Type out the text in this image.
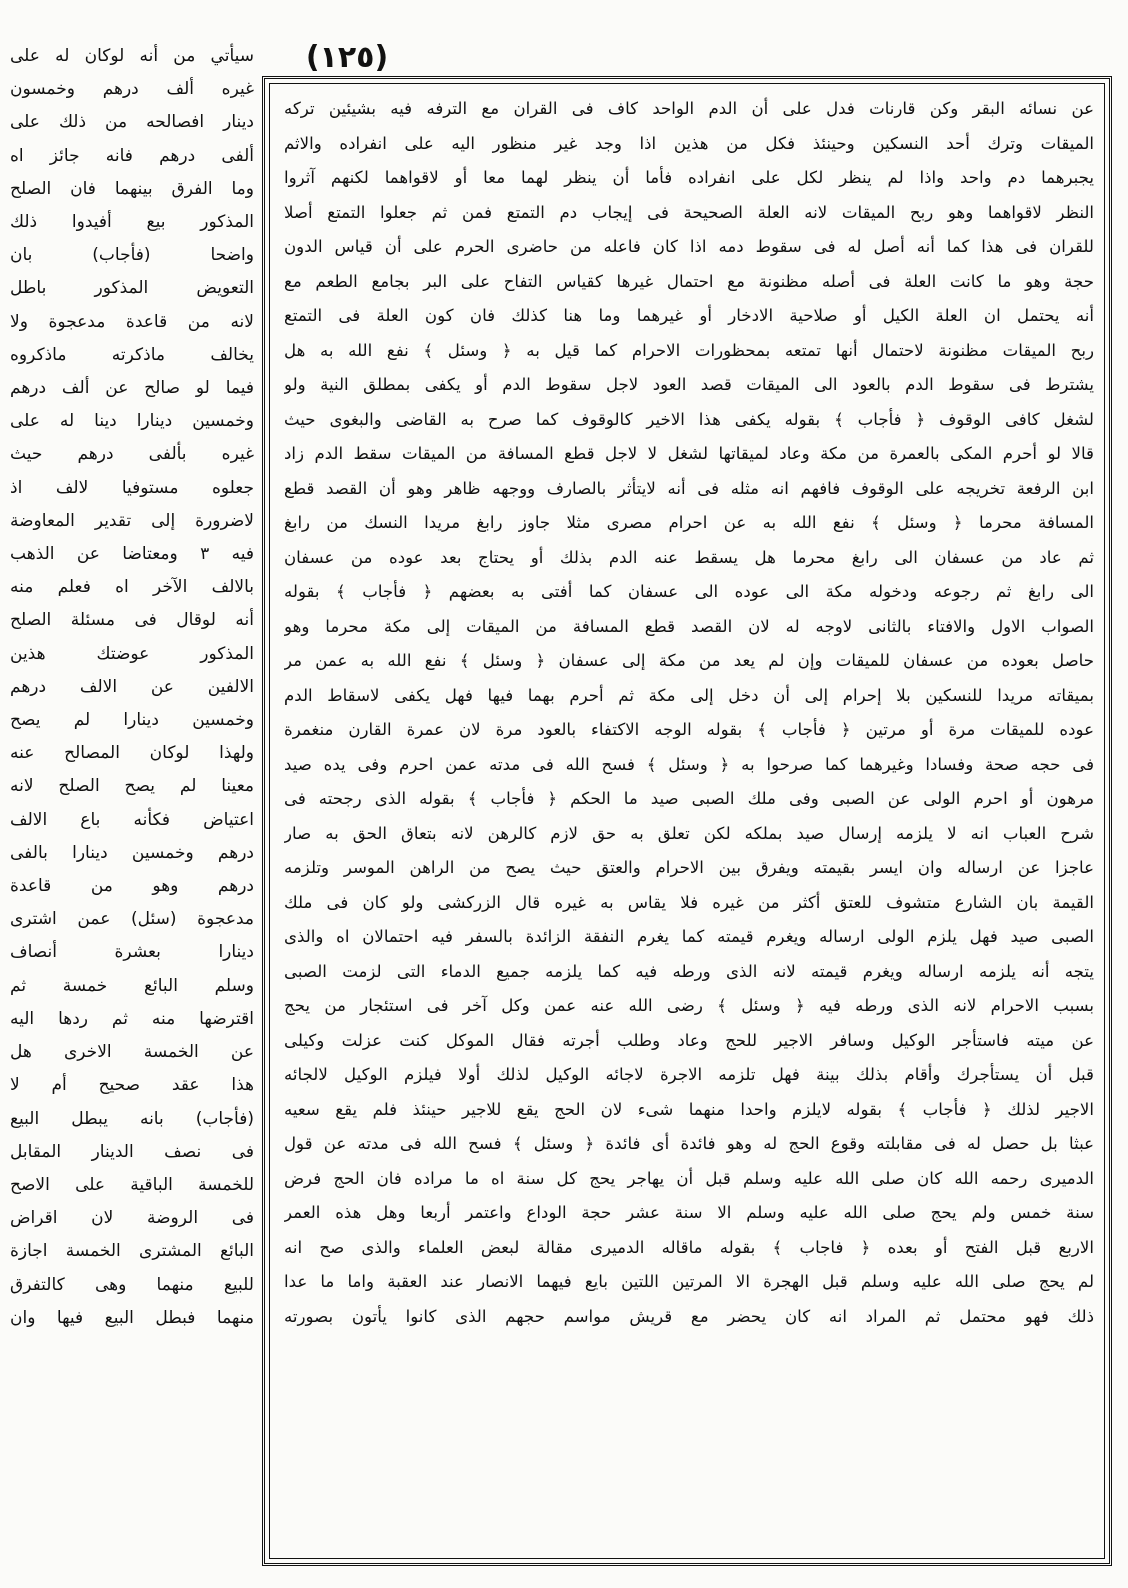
(١٢٥)
سيأتي من أنه لوكان له على
غيره ألف درهم وخمسون
دينار افصالحه من ذلك على
ألفى درهم فانه جائز اه
وما الفرق بينهما فان الصلح
المذكور بيع أفيدوا ذلك
واضحا (فأجاب) بان
التعويض المذكور باطل
لانه من قاعدة مدعجوة ولا
يخالف ماذكرته ماذكروه
فيما لو صالح عن ألف درهم
وخمسين دينارا دينا له على
غيره بألفى درهم حيث
جعلوه مستوفيا لالف اذ
لاضرورة إلى تقدير المعاوضة
فيه ٣ ومعتاضا عن الذهب
بالالف الآخر اه فعلم منه
أنه لوقال فى مسئلة الصلح
المذكور عوضتك هذين
الالفين عن الالف درهم
وخمسين دينارا لم يصح
ولهذا لوكان المصالح عنه
معينا لم يصح الصلح لانه
اعتياض فكأنه باع الالف
درهم وخمسين دينارا بالفى
درهم وهو من قاعدة
مدعجوة (سئل) عمن اشترى
دينارا بعشرة أنصاف
وسلم البائع خمسة ثم
اقترضها منه ثم ردها اليه
عن الخمسة الاخرى هل
هذا عقد صحيح أم لا
(فأجاب) بانه يبطل البيع
فى نصف الدينار المقابل
للخمسة الباقية على الاصح
فى الروضة لان اقراض
البائع المشترى الخمسة اجازة
للبيع منهما وهى كالتفرق
منهما فبطل البيع فيها وان
عن نسائه البقر وكن قارنات فدل على أن الدم الواحد كاف فى القران مع الترفه فيه بشيئين تركه
الميقات وترك أحد النسكين وحينئذ فكل من هذين اذا وجد غير منظور اليه على انفراده والاثم
يجبرهما دم واحد واذا لم ينظر لكل على انفراده فأما أن ينظر لهما معا أو لاقواهما لكنهم آثروا
النظر لاقواهما وهو ربح الميقات لانه العلة الصحيحة فى إيجاب دم التمتع فمن ثم جعلوا التمتع أصلا
للقران فى هذا كما أنه أصل له فى سقوط دمه اذا كان فاعله من حاضرى الحرم على أن قياس الدون
حجة وهو ما كانت العلة فى أصله مظنونة مع احتمال غيرها كقياس التفاح على البر بجامع الطعم مع
أنه يحتمل ان العلة الكيل أو صلاحية الادخار أو غيرهما وما هنا كذلك فان كون العلة فى التمتع
ربح الميقات مظنونة لاحتمال أنها تمتعه بمحظورات الاحرام كما قيل به ﴿ وسئل ﴾ نفع الله به هل
يشترط فى سقوط الدم بالعود الى الميقات قصد العود لاجل سقوط الدم أو يكفى بمطلق النية ولو
لشغل كافى الوقوف ﴿ فأجاب ﴾ بقوله يكفى هذا الاخير كالوقوف كما صرح به القاضى والبغوى حيث
قالا لو أحرم المكى بالعمرة من مكة وعاد لميقاتها لشغل لا لاجل قطع المسافة من الميقات سقط الدم زاد
ابن الرفعة تخريجه على الوقوف فافهم انه مثله فى أنه لايتأثر بالصارف ووجهه ظاهر وهو أن القصد قطع
المسافة محرما ﴿ وسئل ﴾ نفع الله به عن احرام مصرى مثلا جاوز رابغ مريدا النسك من رابغ
ثم عاد من عسفان الى رابغ محرما هل يسقط عنه الدم بذلك أو يحتاج بعد عوده من عسفان
الى رابغ ثم رجوعه ودخوله مكة الى عوده الى عسفان كما أفتى به بعضهم ﴿ فأجاب ﴾ بقوله
الصواب الاول والافتاء بالثانى لاوجه له لان القصد قطع المسافة من الميقات إلى مكة محرما وهو
حاصل بعوده من عسفان للميقات وإن لم يعد من مكة إلى عسفان ﴿ وسئل ﴾ نفع الله به عمن مر
بميقاته مريدا للنسكين بلا إحرام إلى أن دخل إلى مكة ثم أحرم بهما فيها فهل يكفى لاسقاط الدم
عوده للميقات مرة أو مرتين ﴿ فأجاب ﴾ بقوله الوجه الاكتفاء بالعود مرة لان عمرة القارن منغمرة
فى حجه صحة وفسادا وغيرهما كما صرحوا به ﴿ وسئل ﴾ فسح الله فى مدته عمن احرم وفى يده صيد
مرهون أو احرم الولى عن الصبى وفى ملك الصبى صيد ما الحكم ﴿ فأجاب ﴾ بقوله الذى رجحته فى
شرح العباب انه لا يلزمه إرسال صيد بملكه لكن تعلق به حق لازم كالرهن لانه بتعاق الحق به صار
عاجزا عن ارساله وان ايسر بقيمته ويفرق بين الاحرام والعتق حيث يصح من الراهن الموسر وتلزمه
القيمة بان الشارع متشوف للعتق أكثر من غيره فلا يقاس به غيره قال الزركشى ولو كان فى ملك
الصبى صيد فهل يلزم الولى ارساله ويغرم قيمته كما يغرم النفقة الزائدة بالسفر فيه احتمالان اه والذى
يتجه أنه يلزمه ارساله ويغرم قيمته لانه الذى ورطه فيه كما يلزمه جميع الدماء التى لزمت الصبى
بسبب الاحرام لانه الذى ورطه فيه ﴿ وسئل ﴾ رضى الله عنه عمن وكل آخر فى استئجار من يحج
عن ميته فاستأجر الوكيل وسافر الاجير للحج وعاد وطلب أجرته فقال الموكل كنت عزلت وكيلى
قبل أن يستأجرك وأقام بذلك بينة فهل تلزمه الاجرة لاجائه الوكيل لذلك أولا فيلزم الوكيل لالجائه
الاجير لذلك ﴿ فأجاب ﴾ بقوله لايلزم واحدا منهما شىء لان الحج يقع للاجير حينئذ فلم يقع سعيه
عبثا بل حصل له فى مقابلته وقوع الحج له وهو فائدة أى فائدة ﴿ وسئل ﴾ فسح الله فى مدته عن قول
الدميرى رحمه الله كان صلى الله عليه وسلم قبل أن يهاجر يحج كل سنة اه ما مراده فان الحج فرض
سنة خمس ولم يحج صلى الله عليه وسلم الا سنة عشر حجة الوداع واعتمر أربعا وهل هذه العمر
الاربع قبل الفتح أو بعده ﴿ فاجاب ﴾ بقوله ماقاله الدميرى مقالة لبعض العلماء والذى صح انه
لم يحج صلى الله عليه وسلم قبل الهجرة الا المرتين اللتين بايع فيهما الانصار عند العقبة واما ما عدا
ذلك فهو محتمل ثم المراد انه كان يحضر مع قريش مواسم حجهم الذى كانوا يأتون بصورته
